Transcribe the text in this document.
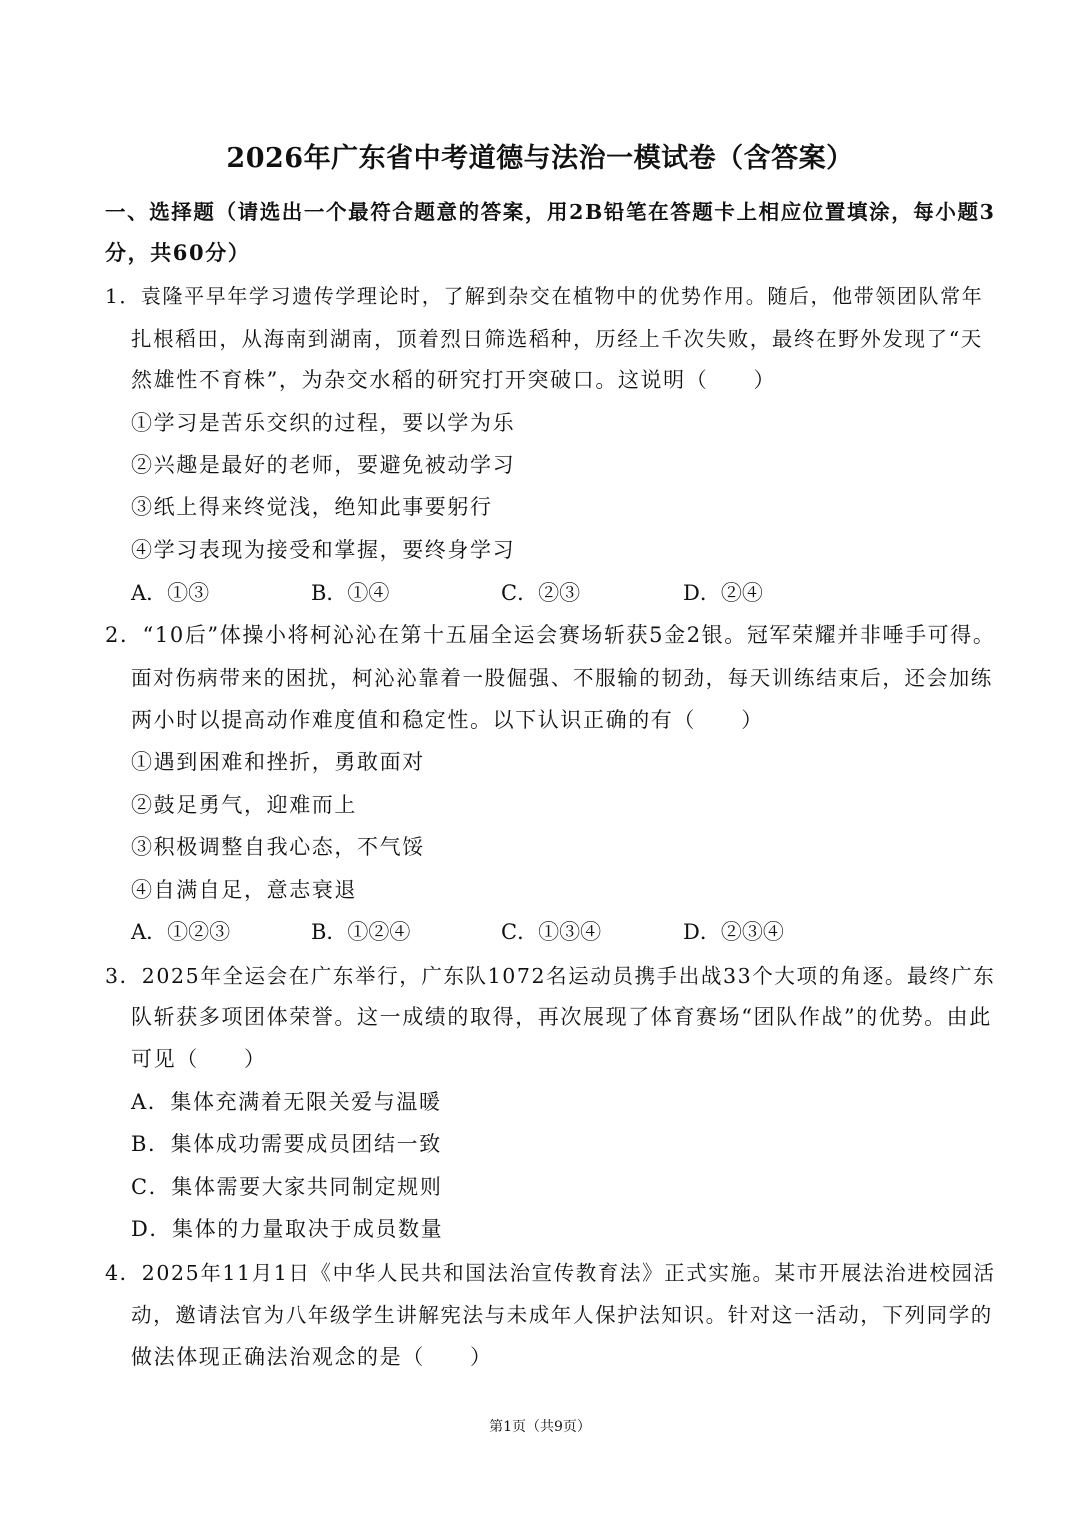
2026年广东省中考道德与法治一模试卷（含答案）
一、选择题（请选出一个最符合题意的答案，用2B铅笔在答题卡上相应位置填涂，每小题3
分，共60分）
1．袁隆平早年学习遗传学理论时，了解到杂交在植物中的优势作用。随后，他带领团队常年
扎根稻田，从海南到湖南，顶着烈日筛选稻种，历经上千次失败，最终在野外发现了“天
然雄性不育株”，为杂交水稻的研究打开突破口。这说明（　　）
①学习是苦乐交织的过程，要以学为乐
②兴趣是最好的老师，要避免被动学习
③纸上得来终觉浅，绝知此事要躬行
④学习表现为接受和掌握，要终身学习
A．①③	B．①④	C．②③	D．②④
2．“10后”体操小将柯沁沁在第十五届全运会赛场斩获5金2银。冠军荣耀并非唾手可得。
面对伤病带来的困扰，柯沁沁靠着一股倔强、不服输的韧劲，每天训练结束后，还会加练
两小时以提高动作难度值和稳定性。以下认识正确的有（　　）
①遇到困难和挫折，勇敢面对
②鼓足勇气，迎难而上
③积极调整自我心态，不气馁
④自满自足，意志衰退
A．①②③	B．①②④	C．①③④	D．②③④
3．2025年全运会在广东举行，广东队1072名运动员携手出战33个大项的角逐。最终广东
队斩获多项团体荣誉。这一成绩的取得，再次展现了体育赛场“团队作战”的优势。由此
可见（　　）
A．集体充满着无限关爱与温暖
B．集体成功需要成员团结一致
C．集体需要大家共同制定规则
D．集体的力量取决于成员数量
4．2025年11月1日《中华人民共和国法治宣传教育法》正式实施。某市开展法治进校园活
动，邀请法官为八年级学生讲解宪法与未成年人保护法知识。针对这一活动，下列同学的
做法体现正确法治观念的是（　　）
第1页（共9页）
